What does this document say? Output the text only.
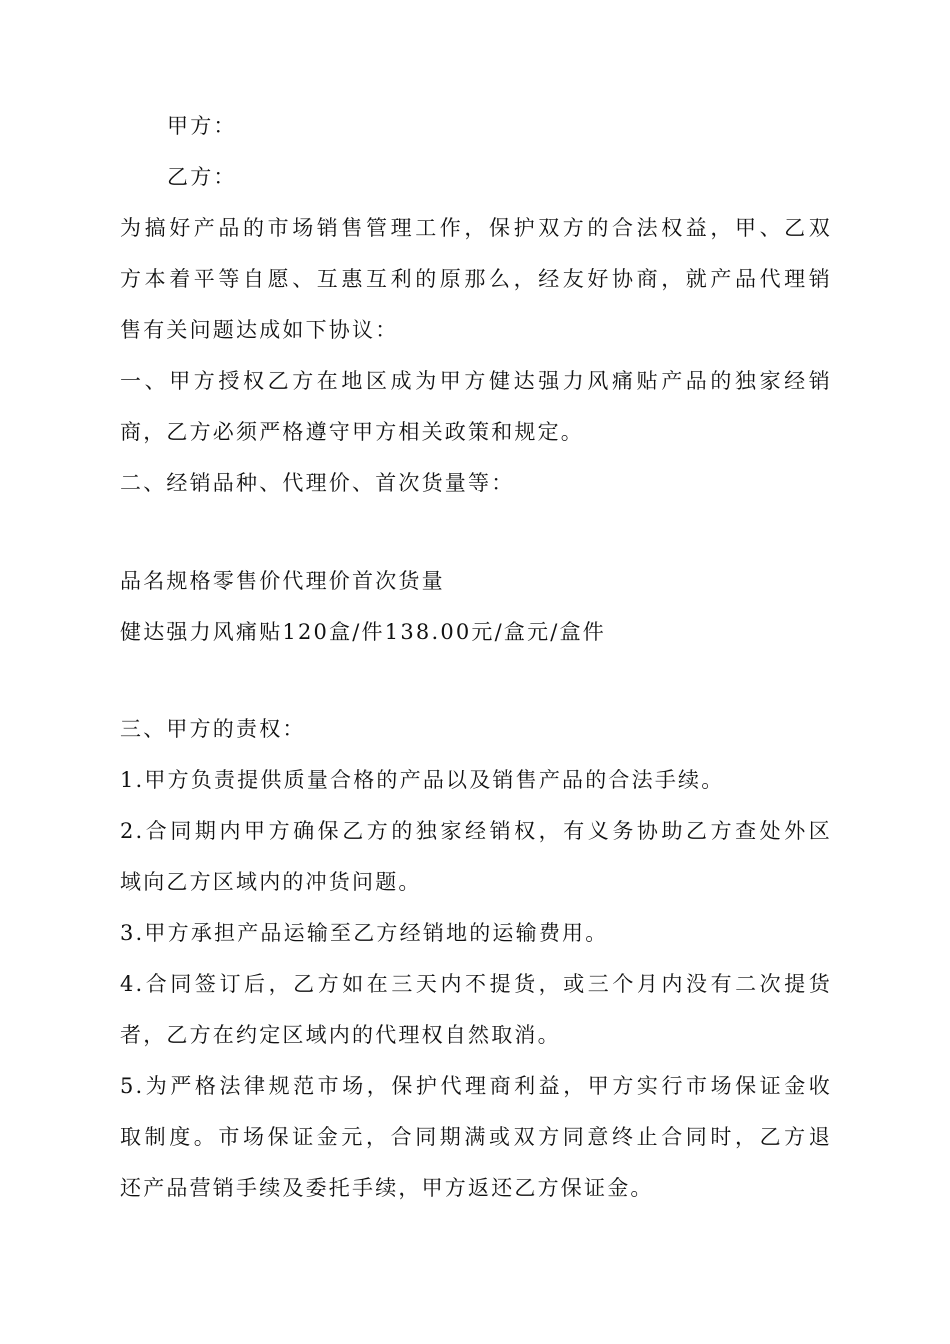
甲方：
乙方：
为搞好产品的市场销售管理工作，保护双方的合法权益，甲、乙双
方本着平等自愿、互惠互利的原那么，经友好协商，就产品代理销
售有关问题达成如下协议：
一、甲方授权乙方在地区成为甲方健达强力风痛贴产品的独家经销
商，乙方必须严格遵守甲方相关政策和规定。
二、经销品种、代理价、首次货量等：
品名规格零售价代理价首次货量
健达强力风痛贴120盒/件138.00元/盒元/盒件
三、甲方的责权：
1.甲方负责提供质量合格的产品以及销售产品的合法手续。
2.合同期内甲方确保乙方的独家经销权，有义务协助乙方查处外区
域向乙方区域内的冲货问题。
3.甲方承担产品运输至乙方经销地的运输费用。
4.合同签订后，乙方如在三天内不提货，或三个月内没有二次提货
者，乙方在约定区域内的代理权自然取消。
5.为严格法律规范市场，保护代理商利益，甲方实行市场保证金收
取制度。市场保证金元，合同期满或双方同意终止合同时，乙方退
还产品营销手续及委托手续，甲方返还乙方保证金。
